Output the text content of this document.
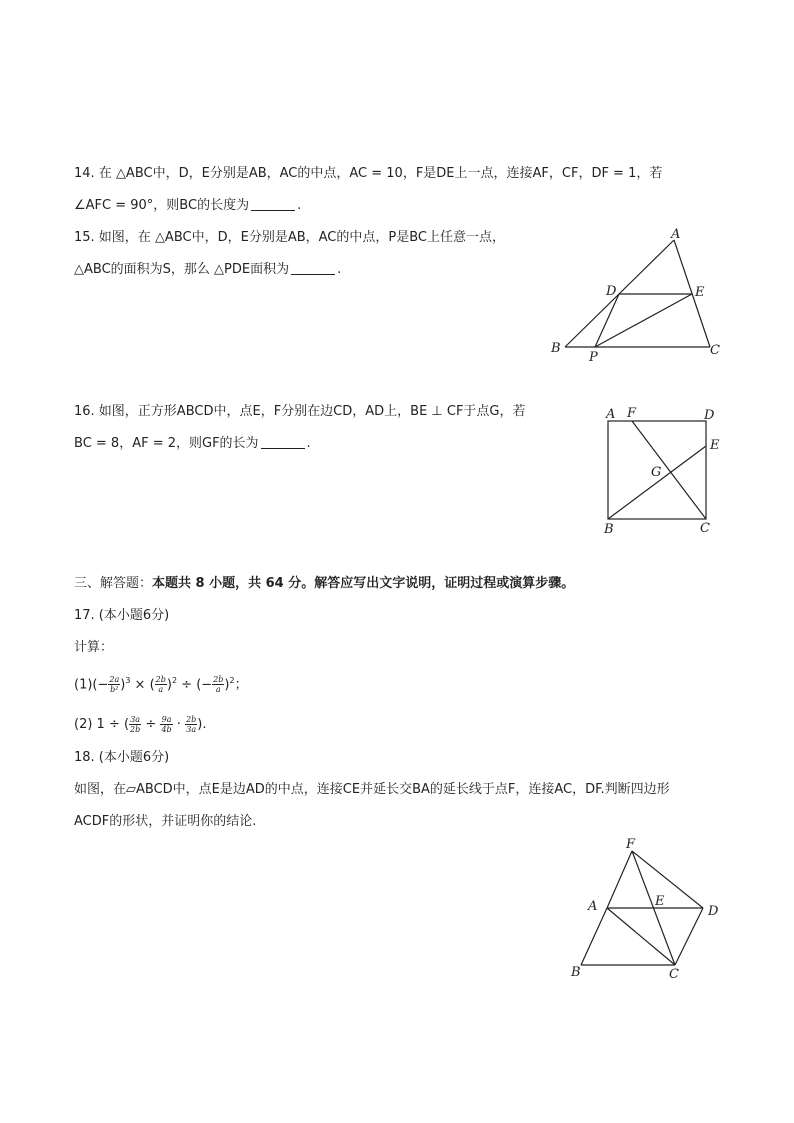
14. 在 △ABC中，D，E分别是AB，AC的中点，AC = 10，F是DE上一点，连接AF，CF，DF = 1，若
∠AFC = 90°，则BC的长度为	.
15. 如图，在 △ABC中，D，E分别是AB，AC的中点，P是BC上任意一点，
△ABC的面积为S，那么 △PDE面积为	.
A
D	E
B
P	C
16. 如图，正方形ABCD中，点E，F分别在边CD，AD上，BE ⊥ CF于点G，若
BC = 8，AF = 2，则GF的长为	.
A F	D
E
G
B	C
三、解答题：本题共 8 小题，共 64 分。解答应写出文字说明，证明过程或演算步骤。
17. (本小题6分)
计算：
$(1)(- \frac{2a}{\text{b²}} )^3$ × ( $\frac{2b}{a} )^2$ ÷ (− $\frac{2b}{a} )^2$；
(2) 1 ÷ ( $\frac{3a}{2b} \div \frac{9a}{4b} \cdot \frac{2b}{3a}$ ).
18. (本小题6分)
如图，在▱ABCD中，点E是边AD的中点，连接CE并延长交BA的延长线于点F，连接AC，DF.判断四边形
ACDF的形状，并证明你的结论.
F
A	E
D
B	C
